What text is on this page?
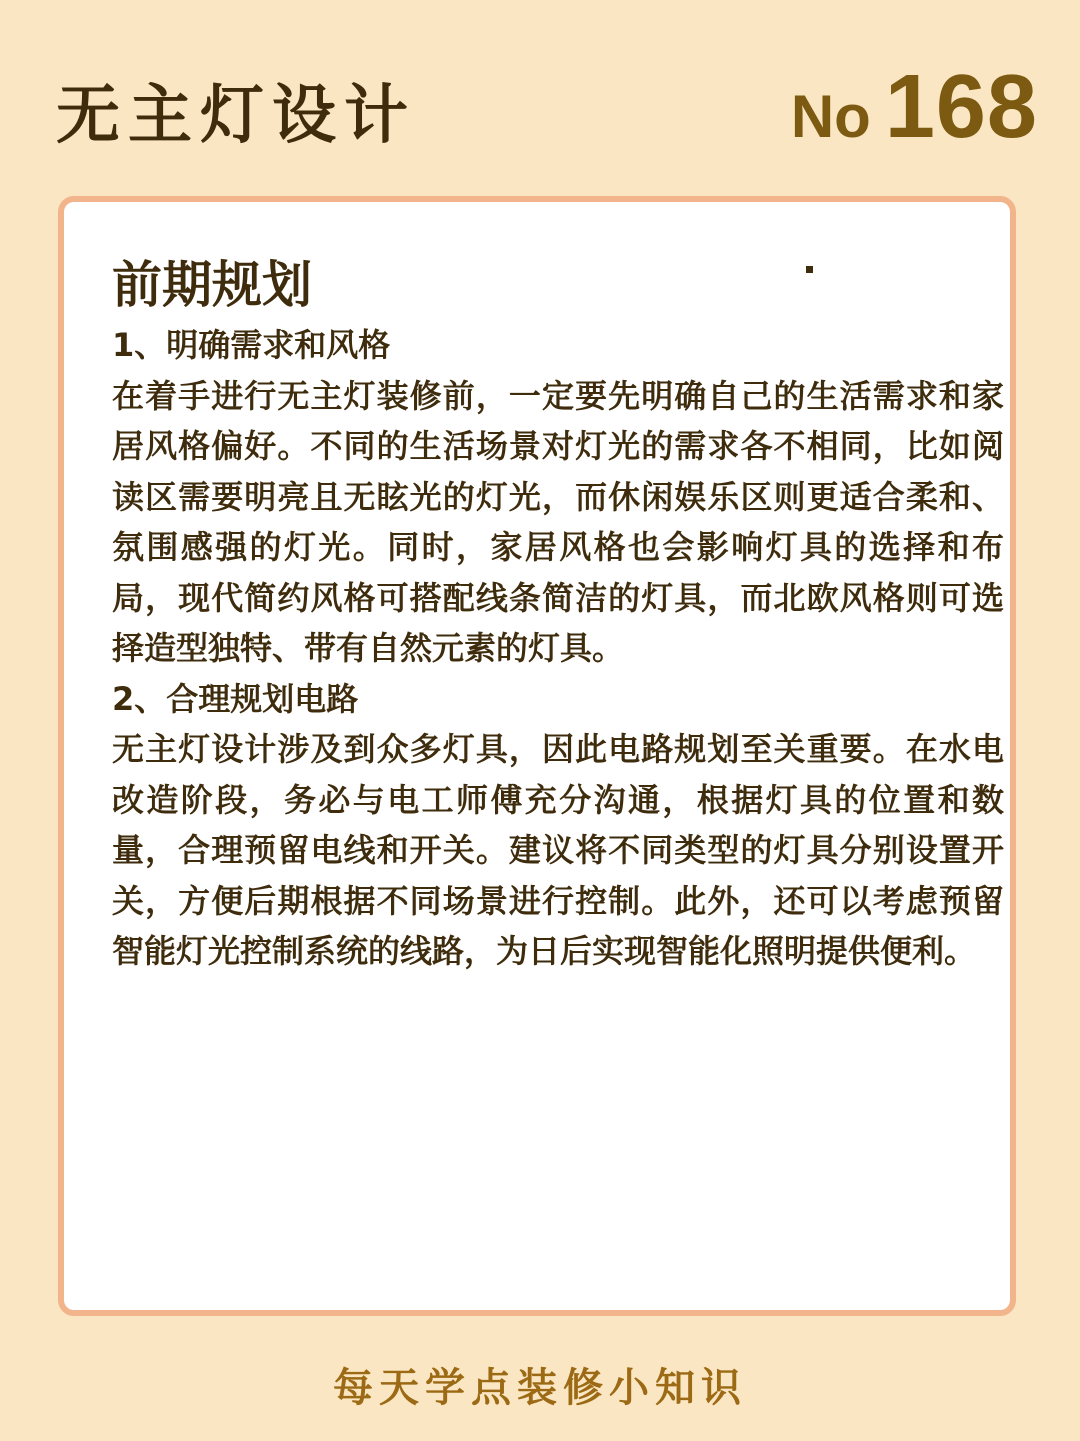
无主灯设计	No 168
前期规划

1、明确需求和风格

在着手进行无主灯装修前，一定要先明确自己的生活需求和家居风格偏好。不同的生活场景对灯光的需求各不相同，比如阅读区需要明亮且无眩光的灯光，而休闲娱乐区则更适合柔和、氛围感强的灯光。同时，家居风格也会影响灯具的选择和布局，现代简约风格可搭配线条简洁的灯具，而北欧风格则可选择造型独特、带有自然元素的灯具。

2、合理规划电路

无主灯设计涉及到众多灯具，因此电路规划至关重要。在水电改造阶段，务必与电工师傅充分沟通，根据灯具的位置和数量，合理预留电线和开关。建议将不同类型的灯具分别设置开关，方便后期根据不同场景进行控制。此外，还可以考虑预留智能灯光控制系统的线路，为日后实现智能化照明提供便利。

每天学点装修小知识
